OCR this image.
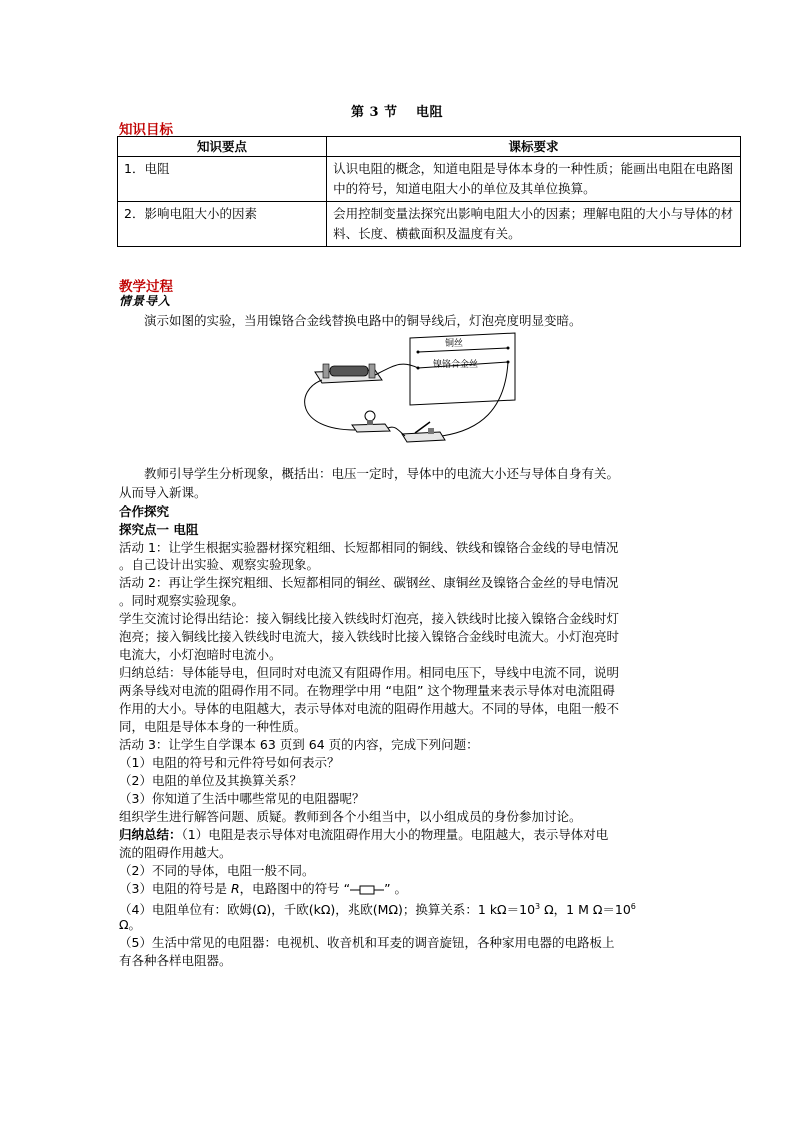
第 3 节　 电阻
知识目标
知识要点	课标要求
1．电阻	认识电阻的概念，知道电阻是导体本身的一种性质；能画出电阻在电路图中的符号，知道电阻大小的单位及其单位换算。
2．影响电阻大小的因素	会用控制变量法探究出影响电阻大小的因素；理解电阻的大小与导体的材料、长度、横截面积及温度有关。
教学过程
情景导入
演示如图的实验，当用镍铬合金线替换电路中的铜导线后，灯泡亮度明显变暗。
铜丝
镍铬合金丝
教师引导学生分析现象，概括出：电压一定时，导体中的电流大小还与导体自身有关。
从而导入新课。
合作探究
探究点一 电阻
活动 1：让学生根据实验器材探究粗细、长短都相同的铜线、铁线和镍铬合金线的导电情况
。自己设计出实验、观察实验现象。
活动 2：再让学生探究粗细、长短都相同的铜丝、碳钢丝、康铜丝及镍铬合金丝的导电情况
。同时观察实验现象。
学生交流讨论得出结论：接入铜线比接入铁线时灯泡亮，接入铁线时比接入镍铬合金线时灯
泡亮；接入铜线比接入铁线时电流大，接入铁线时比接入镍铬合金线时电流大。小灯泡亮时
电流大，小灯泡暗时电流小。
归纳总结：导体能导电，但同时对电流又有阻碍作用。相同电压下，导线中电流不同，说明
两条导线对电流的阻碍作用不同。在物理学中用 “电阻” 这个物理量来表示导体对电流阻碍
作用的大小。导体的电阻越大，表示导体对电流的阻碍作用越大。不同的导体，电阻一般不
同，电阻是导体本身的一种性质。
活动 3：让学生自学课本 63 页到 64 页的内容，完成下列问题：
（1）电阻的符号和元件符号如何表示？
（2）电阻的单位及其换算关系？
（3）你知道了生活中哪些常见的电阻器呢？
组织学生进行解答问题、质疑。教师到各个小组当中，以小组成员的身份参加讨论。
归纳总结：（1）电阻是表示导体对电流阻碍作用大小的物理量。电阻越大，表示导体对电
流的阻碍作用越大。
（2）不同的导体，电阻一般不同。
（3）电阻的符号是 R，电路图中的符号 “	” 。
（4）电阻单位有：欧姆(Ω)，千欧(kΩ)，兆欧(MΩ)；换算关系：1 $k\Omega=10^3$ Ω，1 M $\Omega=10^6$
Ω。
（5）生活中常见的电阻器：电视机、收音机和耳麦的调音旋钮，各种家用电器的电路板上
有各种各样电阻器。
